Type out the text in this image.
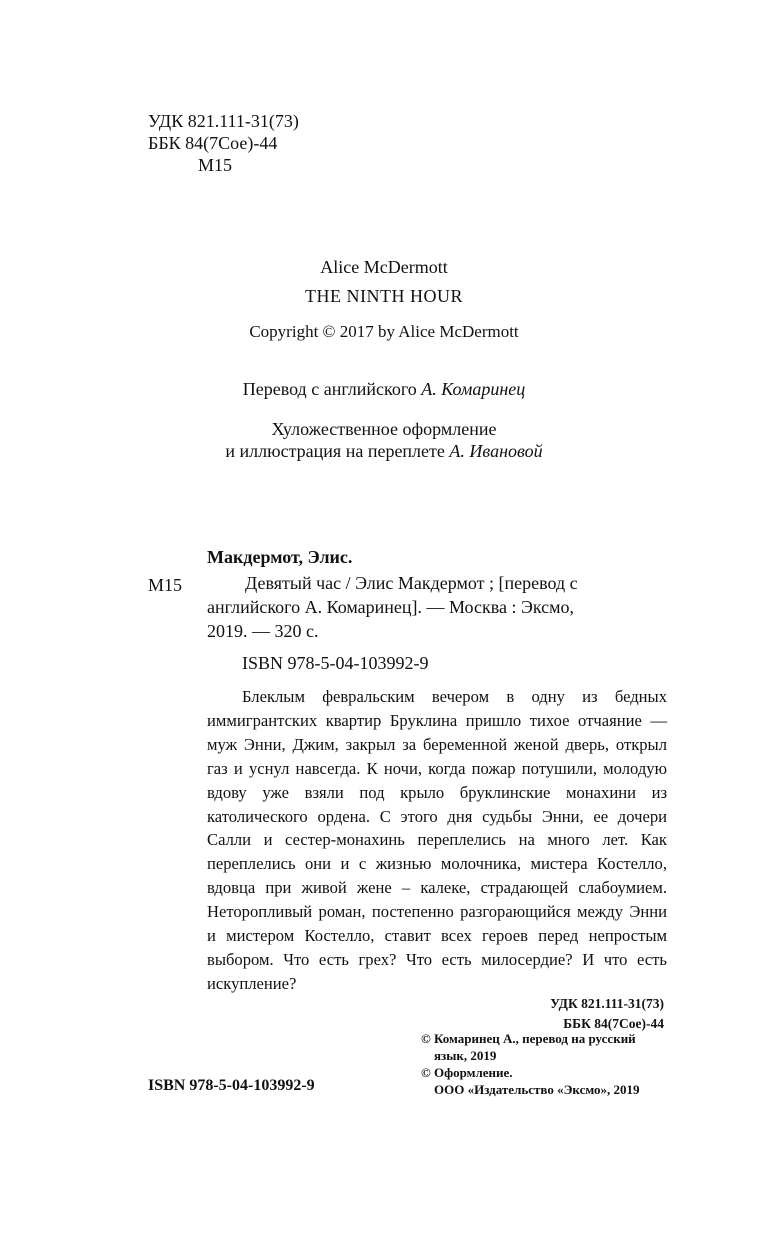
УДК 821.111-31(73)
ББК 84(7Сое)-44
М15
Alice McDermott
THE NINTH HOUR
Copyright © 2017 by Alice McDermott
Перевод с английского А. Комаринец
Хуложественное оформление
и иллюстрация на переплете А. Ивановой
Макдермот, Элис.
М15	Девятый час / Элис Макдермот ; [перевод с
английского А. Комаринец]. — Москва : Эксмо,
2019. — 320 с.
ISBN 978-5-04-103992-9
Блеклым февральским вечером в одну из бедных иммигрантских квартир Бруклина пришло тихое отчаяние — муж Энни, Джим, закрыл за беременной женой дверь, открыл газ и уснул навсегда. К ночи, когда пожар потушили, молодую вдову уже взяли под крыло бруклинские монахини из католического ордена. С этого дня судьбы Энни, ее дочери Салли и сестер-монахинь переплелись на много лет. Как переплелись они и с жизнью молочника, мистера Костелло, вдовца при живой жене – калеке, страдающей слабоумием. Неторопливый роман, постепенно разгорающийся между Энни и мистером Костелло, ставит всех героев перед непростым выбором. Что есть грех? Что есть милосердие? И что есть искупление?
УДК 821.111-31(73)
ББК 84(7Сое)-44
ISBN 978-5-04-103992-9
© Комаринец А., перевод на русский
язык, 2019
© Оформление.
ООО «Издательство «Эксмо», 2019
